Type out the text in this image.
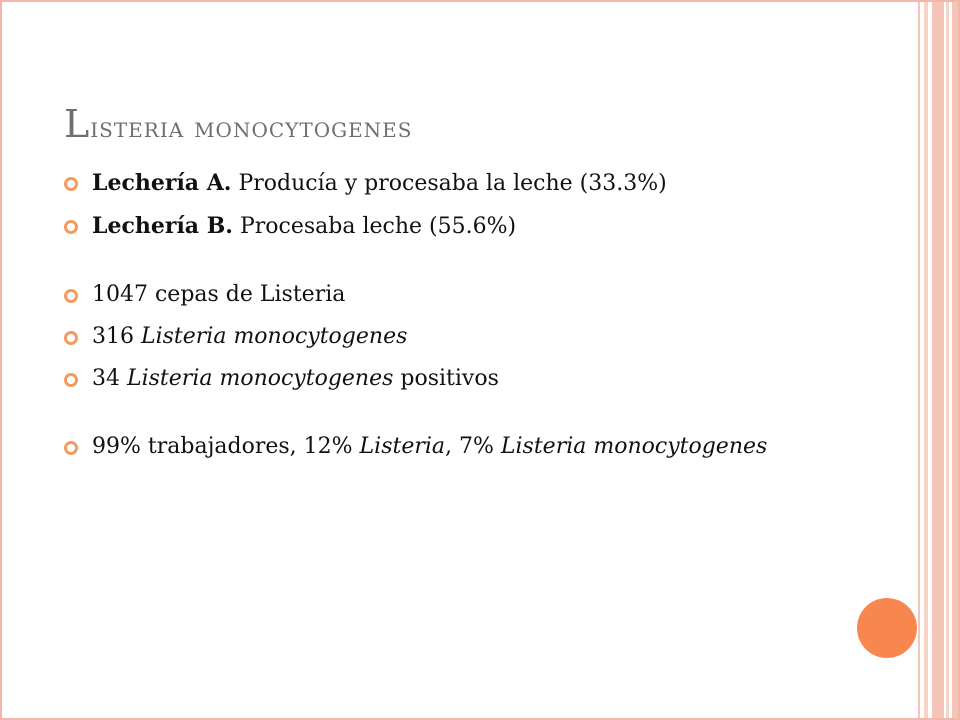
Listeria monocytogenes
Lechería A. Producía y procesaba la leche (33.3%)
Lechería B. Procesaba leche (55.6%)
1047 cepas de Listeria
316 Listeria monocytogenes
34 Listeria monocytogenes positivos
99% trabajadores, 12% Listeria, 7% Listeria monocytogenes
